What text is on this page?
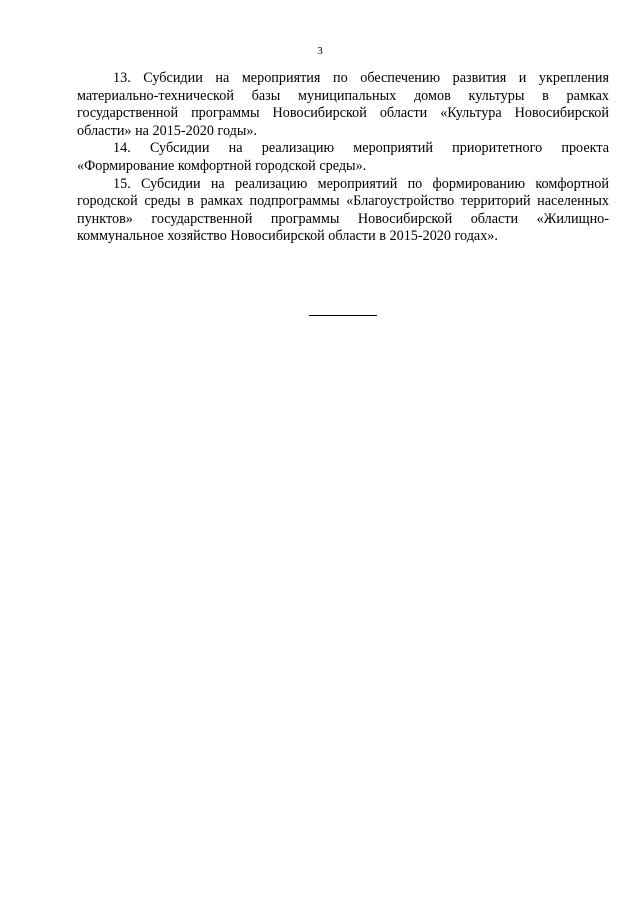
3

13. Субсидии на мероприятия по обеспечению развития и укрепления материально-технической базы муниципальных домов культуры в рамках государственной программы Новосибирской области «Культура Новосибирской области» на 2015-2020 годы».

14. Субсидии на реализацию мероприятий приоритетного проекта «Формирование комфортной городской среды».

15. Субсидии на реализацию мероприятий по формированию комфортной городской среды в рамках подпрограммы «Благоустройство территорий населенных пунктов» государственной программы Новосибирской области «Жилищно-коммунальное хозяйство Новосибирской области в 2015-2020 годах».
